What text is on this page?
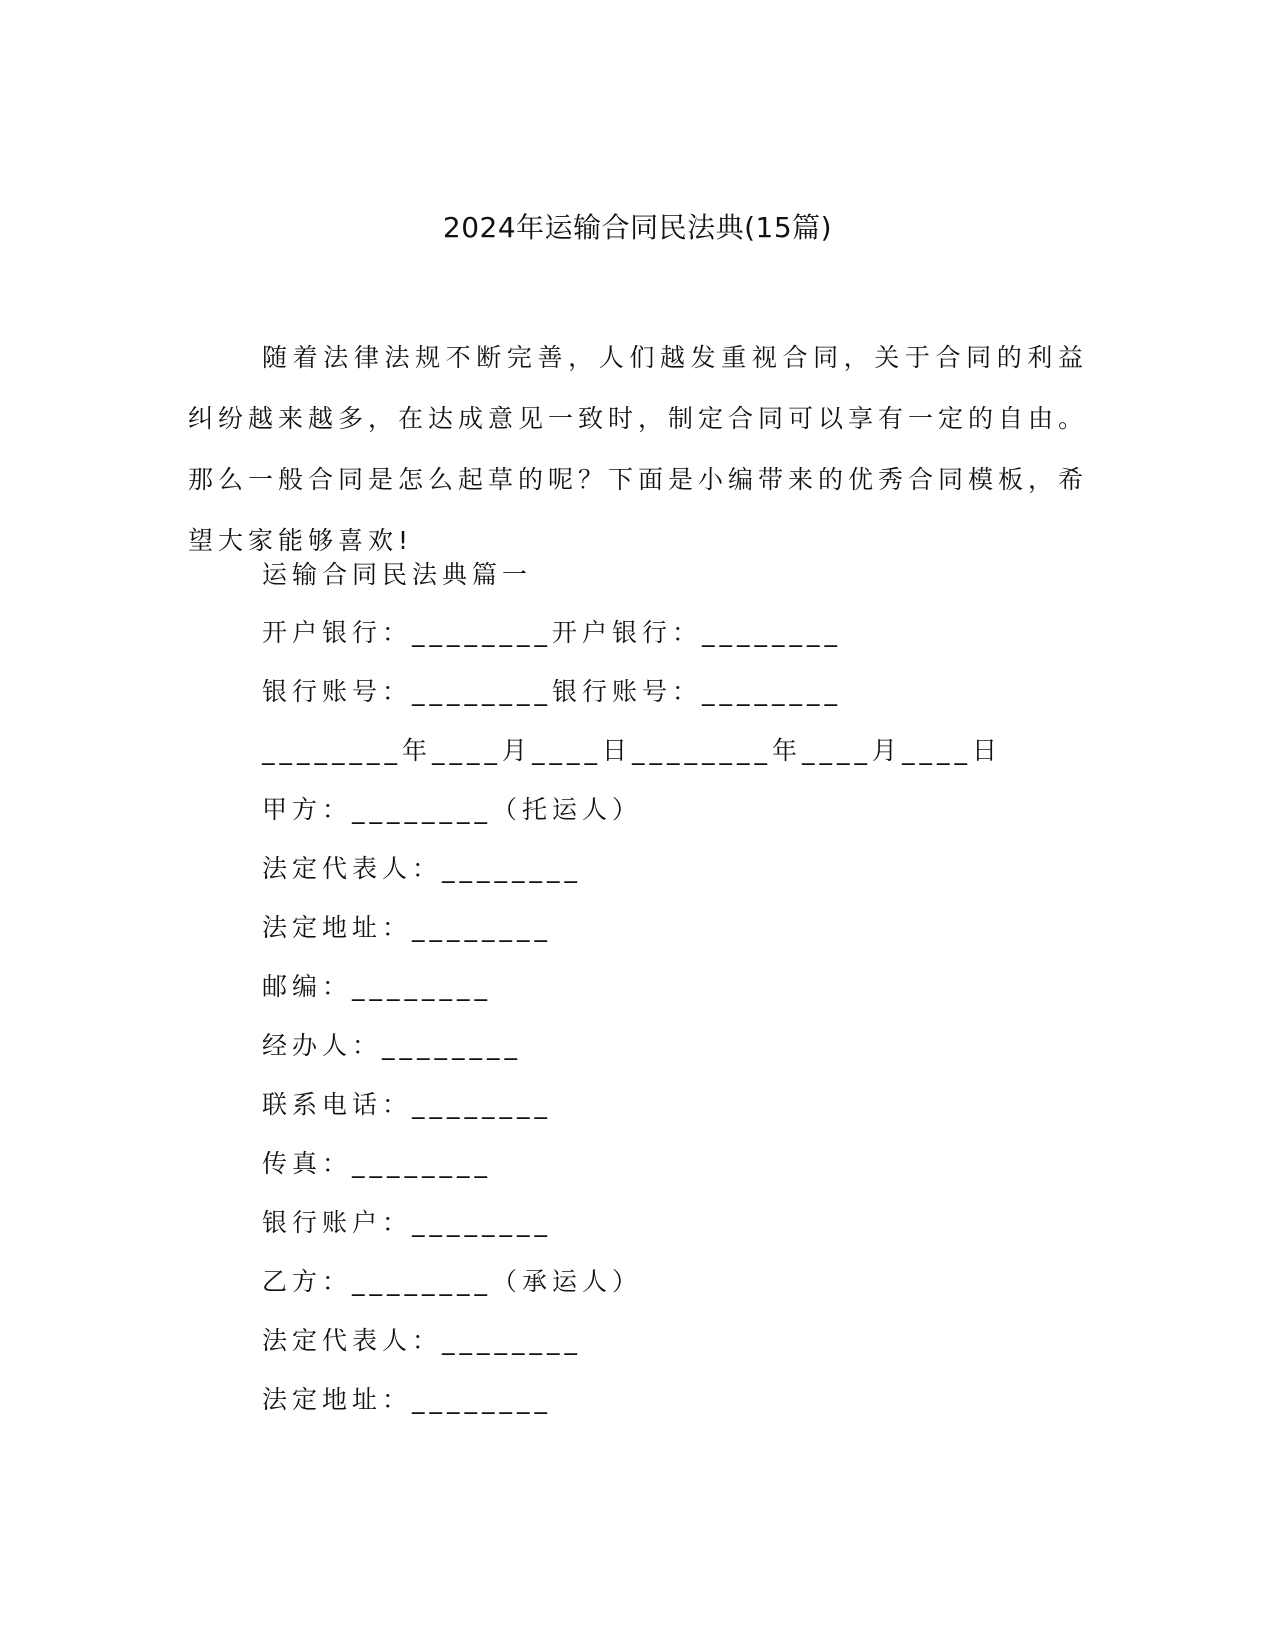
2024年运输合同民法典(15篇)
随着法律法规不断完善，人们越发重视合同，关于合同的利益纠纷越来越多，在达成意见一致时，制定合同可以享有一定的自由。那么一般合同是怎么起草的呢？下面是小编带来的优秀合同模板，希望大家能够喜欢!
运输合同民法典篇一
开户银行：________开户银行：________
银行账号：________银行账号：________
________年____月____日________年____月____日
甲方：________（托运人）
法定代表人：________
法定地址：________
邮编：________
经办人：________
联系电话：________
传真：________
银行账户：________
乙方：________（承运人）
法定代表人：________
法定地址：________
